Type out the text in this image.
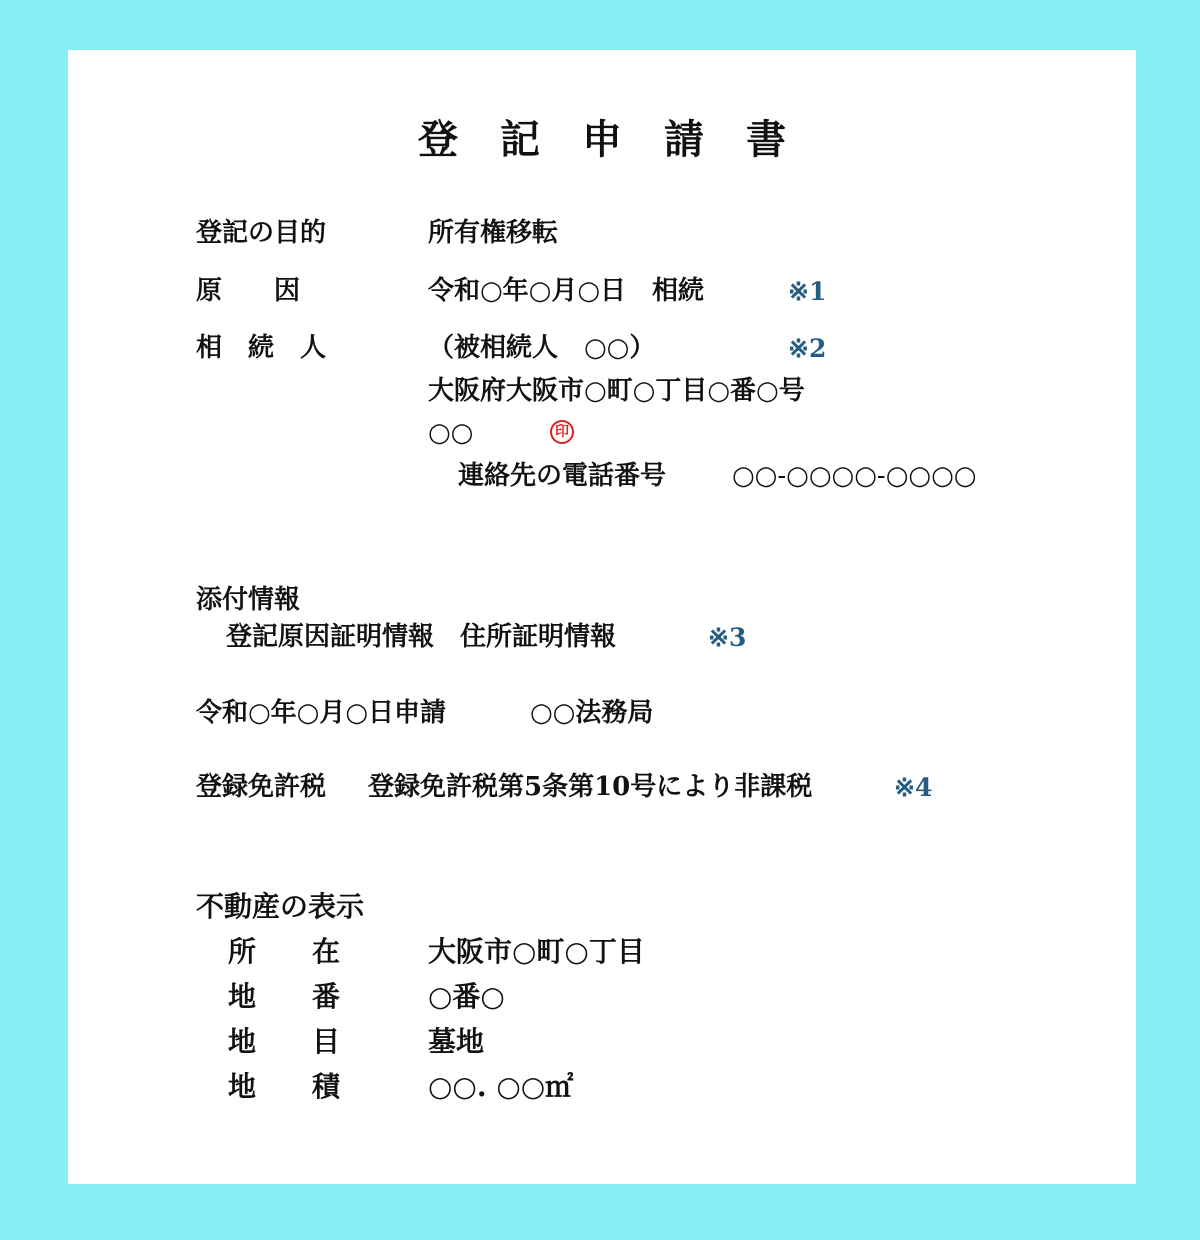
登記申請書
登記の目的	所有権移転
原　　因	令和○年○月○日　相続	※1
相　続　人	（被相続人　○○）	※2
大阪府大阪市○町○丁目○番○号
○○	印
連絡先の電話番号	○○-○○○○-○○○○
添付情報
登記原因証明情報　住所証明情報	※3
令和○年○月○日申請	○○法務局
登録免許税 登録免許税第5条第10号により非課税	※4
不動産の表示
所　　在	大阪市○町○丁目
地　　番	○番○
地　　目	墓地
地　　積	○○. ○○㎡
